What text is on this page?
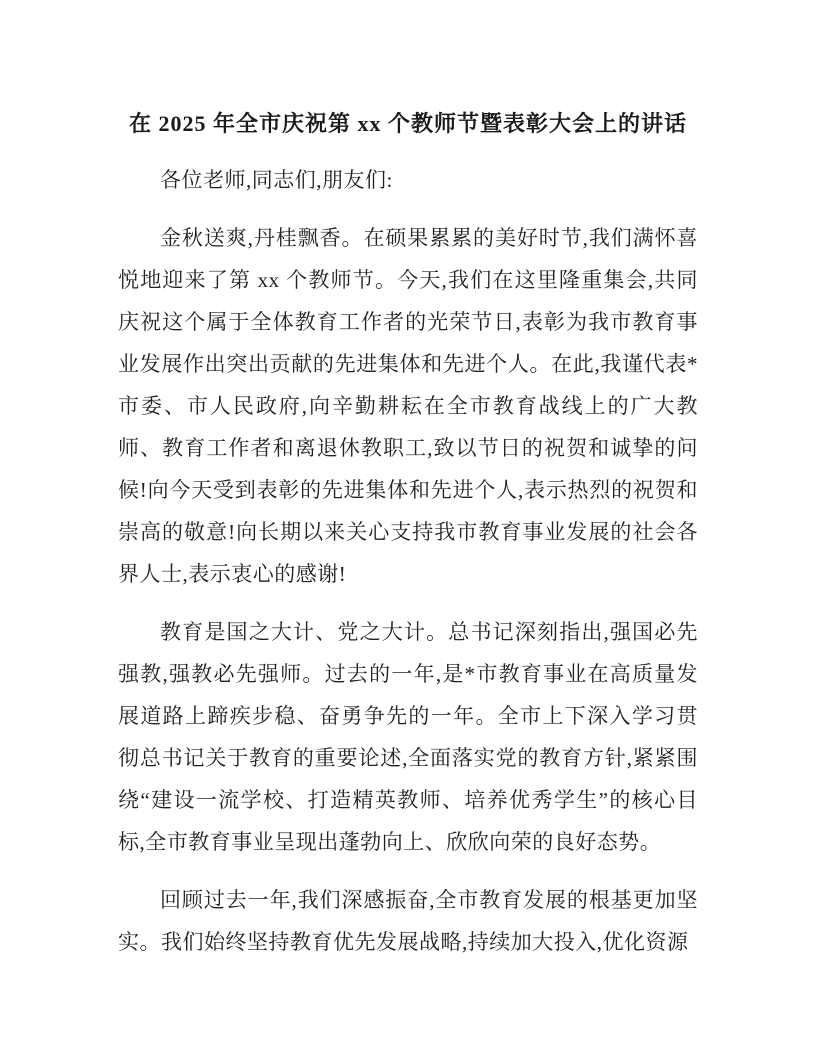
在 2025 年全市庆祝第 xx 个教师节暨表彰大会上的讲话

各位老师,同志们,朋友们:

金秋送爽,丹桂飘香。在硕果累累的美好时节,我们满怀喜悦地迎来了第 xx 个教师节。今天,我们在这里隆重集会,共同庆祝这个属于全体教育工作者的光荣节日,表彰为我市教育事业发展作出突出贡献的先进集体和先进个人。在此,我谨代表*市委、市人民政府,向辛勤耕耘在全市教育战线上的广大教师、教育工作者和离退休教职工,致以节日的祝贺和诚挚的问候!向今天受到表彰的先进集体和先进个人,表示热烈的祝贺和崇高的敬意!向长期以来关心支持我市教育事业发展的社会各界人士,表示衷心的感谢!

教育是国之大计、党之大计。总书记深刻指出,强国必先强教,强教必先强师。过去的一年,是*市教育事业在高质量发展道路上蹄疾步稳、奋勇争先的一年。全市上下深入学习贯彻总书记关于教育的重要论述,全面落实党的教育方针,紧紧围绕“建设一流学校、打造精英教师、培养优秀学生”的核心目标,全市教育事业呈现出蓬勃向上、欣欣向荣的良好态势。

回顾过去一年,我们深感振奋,全市教育发展的根基更加坚实。我们始终坚持教育优先发展战略,持续加大投入,优化资源
